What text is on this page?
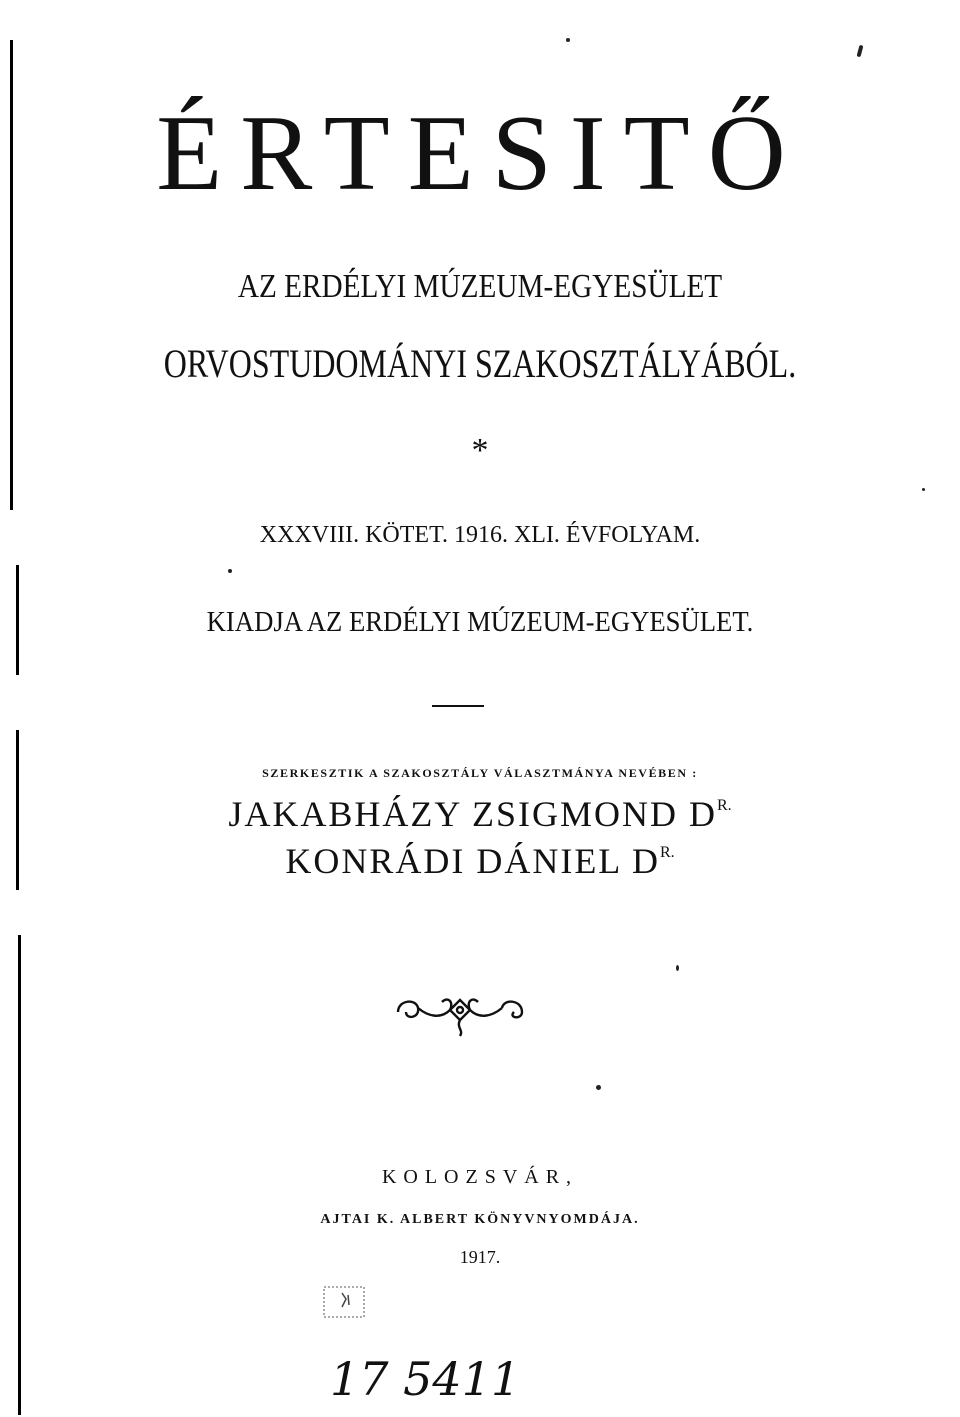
ÉRTESITŐ
AZ ERDÉLYI MÚZEUM-EGYESÜLET
ORVOSTUDOMÁNYI SZAKOSZTÁLYÁBÓL.
*
XXXVIII. KÖTET. 1916. XLI. ÉVFOLYAM.
KIADJA AZ ERDÉLYI MÚZEUM-EGYESÜLET.
SZERKESZTIK A SZAKOSZTÁLY VÁLASZTMÁNYA NEVÉBEN :
JAKABHÁZY ZSIGMOND $D^{R.}$
KONRÁDI DÁNIEL $D^{R.}$
KOLOZSVÁR,
AJTAI K. ALBERT KÖNYVNYOMDÁJA.
1917.
17 5411
